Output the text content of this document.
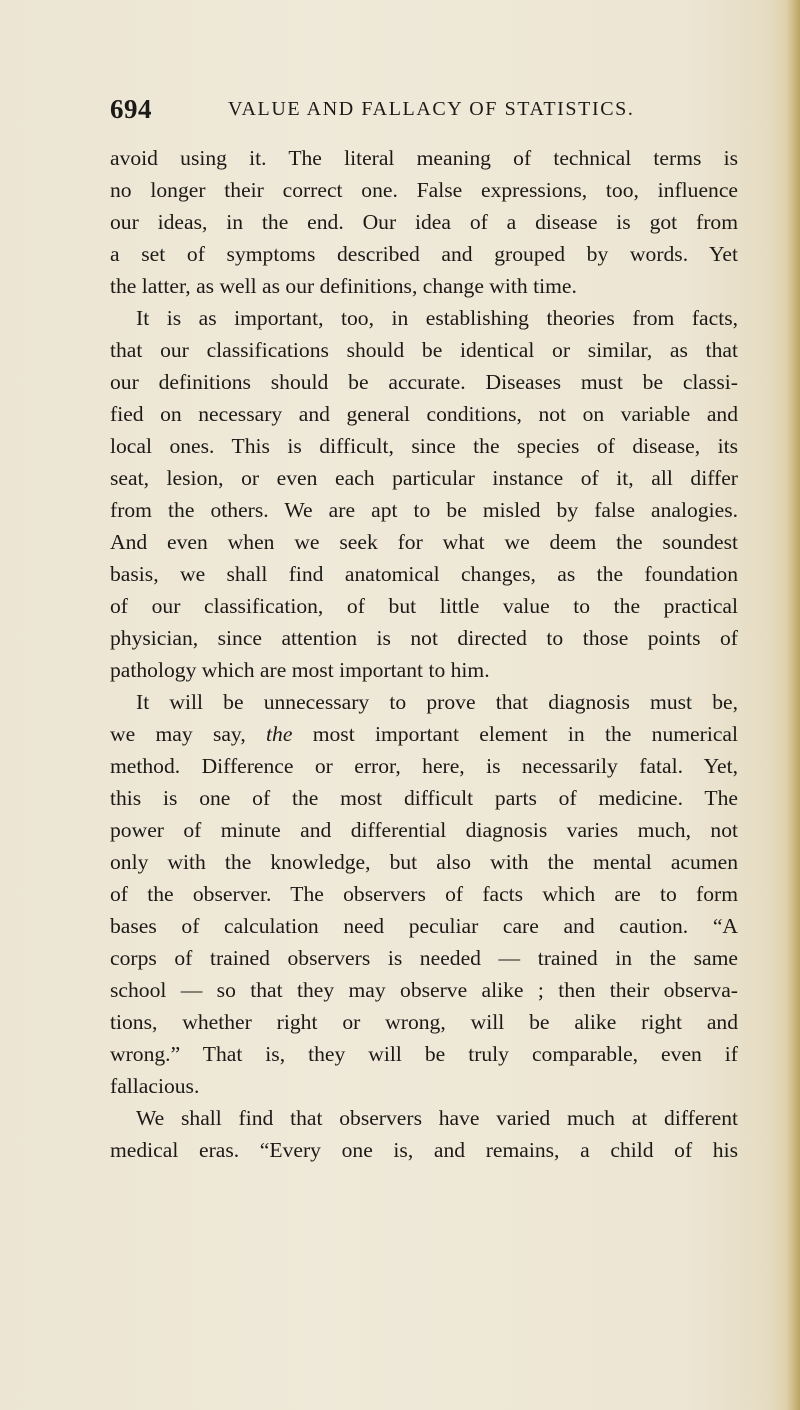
694	VALUE AND FALLACY OF STATISTICS.
avoid using it. The literal meaning of technical terms is
no longer their correct one. False expressions, too, influence
our ideas, in the end. Our idea of a disease is got from
a set of symptoms described and grouped by words. Yet
the latter, as well as our definitions, change with time.
It is as important, too, in establishing theories from facts,
that our classifications should be identical or similar, as that
our definitions should be accurate. Diseases must be classi-
fied on necessary and general conditions, not on variable and
local ones. This is difficult, since the species of disease, its
seat, lesion, or even each particular instance of it, all differ
from the others. We are apt to be misled by false analogies.
And even when we seek for what we deem the soundest
basis, we shall find anatomical changes, as the foundation
of our classification, of but little value to the practical
physician, since attention is not directed to those points of
pathology which are most important to him.
It will be unnecessary to prove that diagnosis must be,
we may say, the most important element in the numerical
method. Difference or error, here, is necessarily fatal. Yet,
this is one of the most difficult parts of medicine. The
power of minute and differential diagnosis varies much, not
only with the knowledge, but also with the mental acumen
of the observer. The observers of facts which are to form
bases of calculation need peculiar care and caution. “A
corps of trained observers is needed — trained in the same
school — so that they may observe alike ; then their observa-
tions, whether right or wrong, will be alike right and
wrong.” That is, they will be truly comparable, even if
fallacious.
We shall find that observers have varied much at different
medical eras. “Every one is, and remains, a child of his
